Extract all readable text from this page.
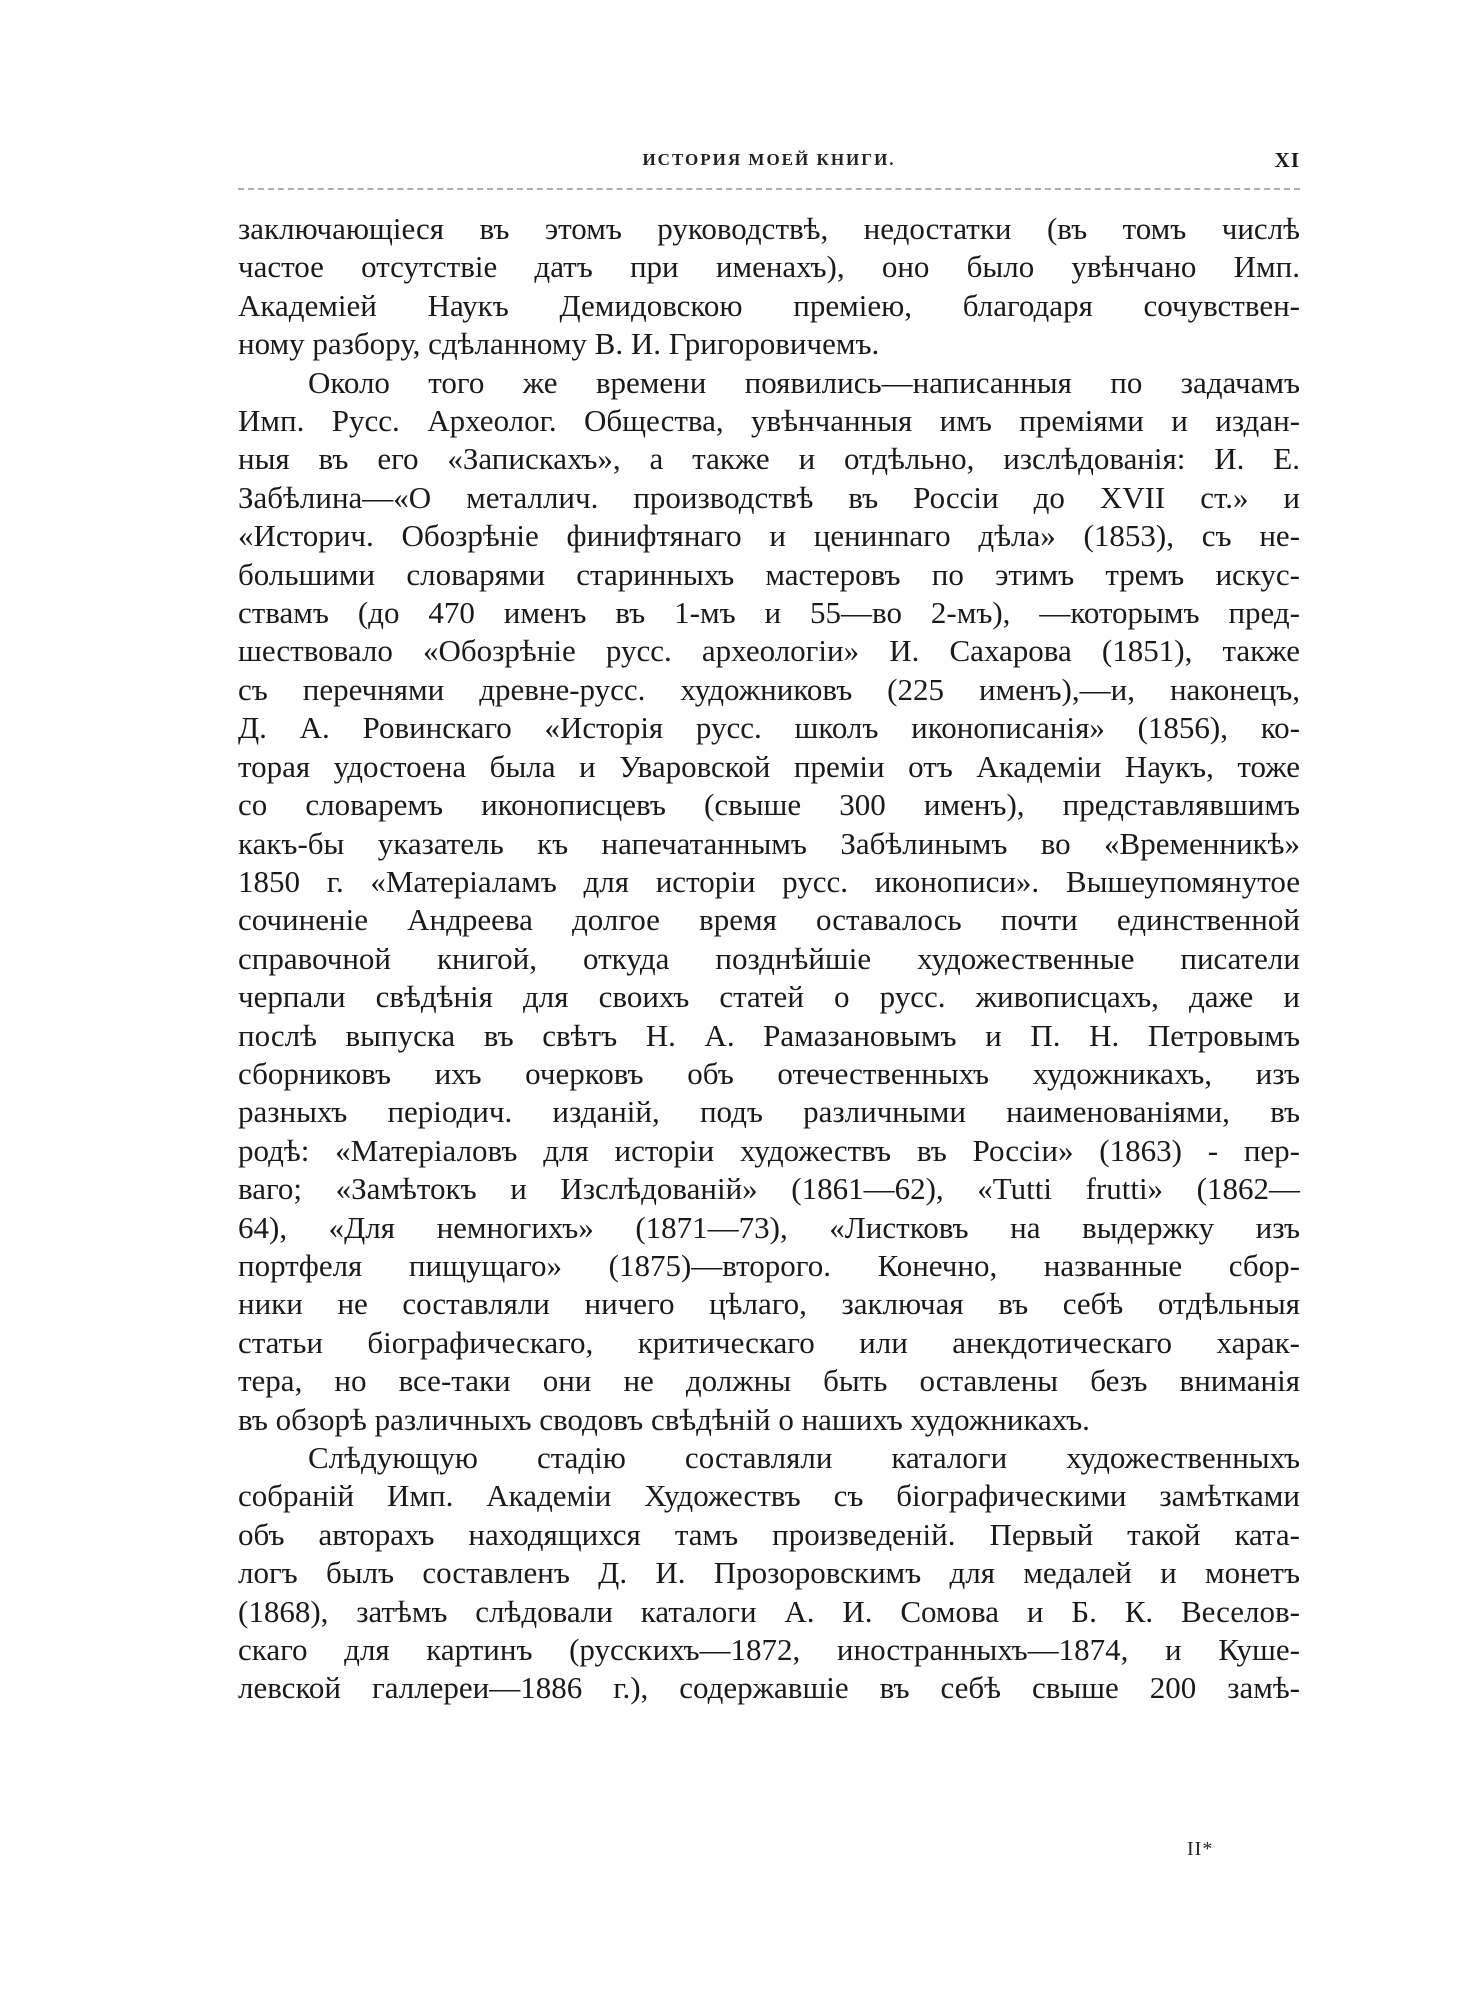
ИСТОРИЯ МОЕЙ КНИГИ.	XI

заключающіеся въ этомъ руководствѣ, недостатки (въ томъ числѣ
частое отсутствіе датъ при именахъ), оно было увѣнчано Имп.
Академіей Наукъ Демидовскою преміею, благодаря сочувствен-
ному разбору, сдѣланному В. И. Григоровичемъ.

Около того же времени появились—написанныя по задачамъ
Имп. Русс. Археолог. Общества, увѣнчанныя имъ преміями и издан-
ныя въ его «Запискахъ», а также и отдѣльно, изслѣдованія: И. Е.
Забѣлина—«О металлич. производствѣ въ Россіи до XVII ст.» и
«Историч. Обозрѣніе финифтянаго и ценинnаго дѣла» (1853), съ не-
большими словарями старинныхъ мастеровъ по этимъ тремъ искус-
ствамъ (до 470 именъ въ 1-мъ и 55—во 2-мъ), —которымъ пред-
шествовало «Обозрѣніе русс. археологіи» И. Сахарова (1851), также
съ перечнями древне-русс. художниковъ (225 именъ),—и, наконецъ,
Д. А. Ровинскаго «Исторія русс. школъ иконописанія» (1856), ко-
торая удостоена была и Уваровской преміи отъ Академіи Наукъ, тоже
со словаремъ иконописцевъ (свыше 300 именъ), представлявшимъ
какъ-бы указатель къ напечатаннымъ Забѣлинымъ во «Временникѣ»
1850 г. «Матеріаламъ для исторіи русс. иконописи». Вышеупомянутое
сочиненіе Андреева долгое время оставалось почти единственной
справочной книгой, откуда позднѣйшіе художественные писатели
черпали свѣдѣнія для своихъ статей о русс. живописцахъ, даже и
послѣ выпуска въ свѣтъ Н. А. Рамазановымъ и П. Н. Петровымъ
сборниковъ ихъ очерковъ объ отечественныхъ художникахъ, изъ
разныхъ періодич. изданій, подъ различными наименованіями, въ
родѣ: «Матеріаловъ для исторіи художествъ въ Россіи» (1863) - пер-
ваго; «Замѣтокъ и Изслѣдованій» (1861—62), «Tutti frutti» (1862—
64), «Для немногихъ» (1871—73), «Листковъ на выдержку изъ
портфеля пищущаго» (1875)—второго. Конечно, названные сбор-
ники не составляли ничего цѣлаго, заключая въ себѣ отдѣльныя
статьи біографическаго, критическаго или анекдотическаго харак-
тера, но все-таки они не должны быть оставлены безъ вниманія
въ обзорѣ различныхъ сводовъ свѣдѣній о нашихъ художникахъ.

Слѣдующую стадію составляли каталоги художественныхъ
собраній Имп. Академіи Художествъ съ біографическими замѣтками
объ авторахъ находящихся тамъ произведеній. Первый такой ката-
логъ былъ составленъ Д. И. Прозоровскимъ для медалей и монетъ
(1868), затѣмъ слѣдовали каталоги А. И. Сомова и Б. К. Веселов-
скаго для картинъ (русскихъ—1872, иностранныхъ—1874, и Куше-
левской галлереи—1886 г.), содержавшіе въ себѣ свыше 200 замѣ-

II*
